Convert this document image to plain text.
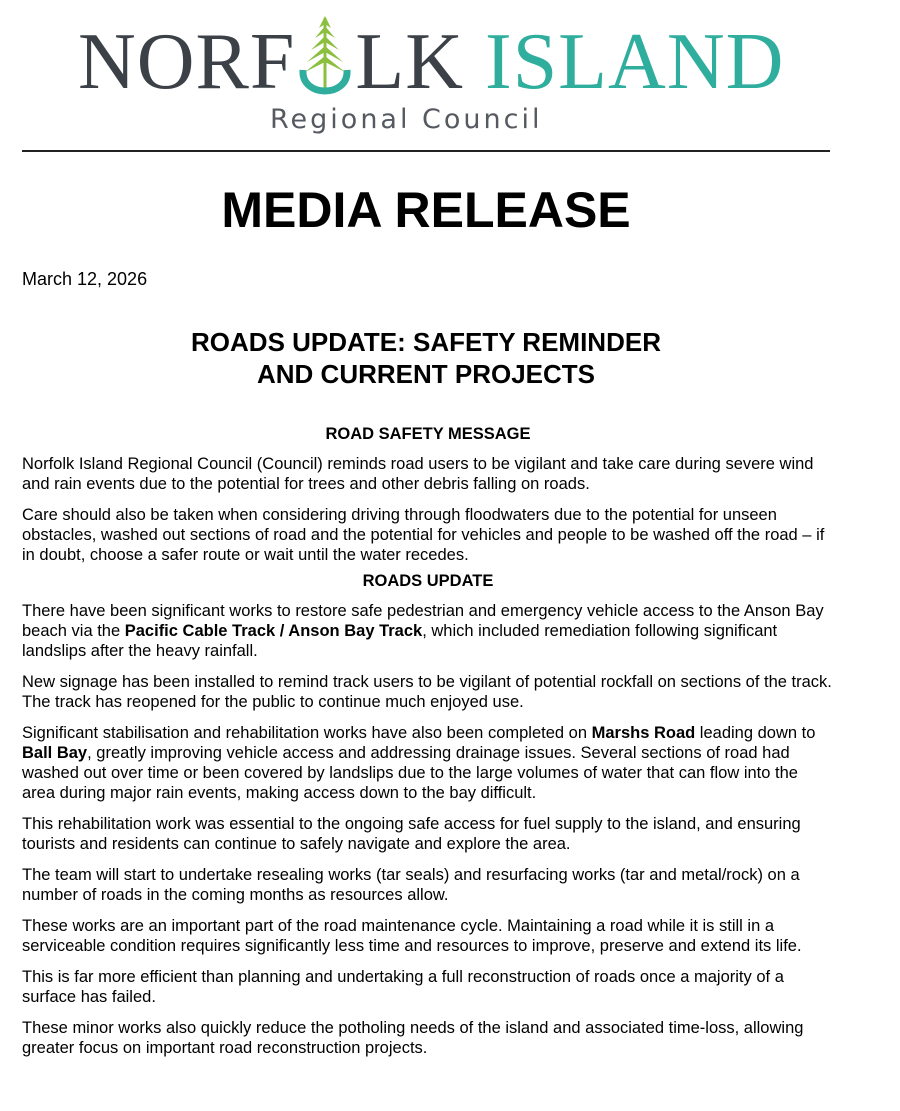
NORF LK ISLAND
Regional Council
MEDIA RELEASE
March 12, 2026
ROADS UPDATE: SAFETY REMINDER
AND CURRENT PROJECTS
ROAD SAFETY MESSAGE

Norfolk Island Regional Council (Council) reminds road users to be vigilant and take care during severe wind and rain events due to the potential for trees and other debris falling on roads.

Care should also be taken when considering driving through floodwaters due to the potential for unseen obstacles, washed out sections of road and the potential for vehicles and people to be washed off the road – if in doubt, choose a safer route or wait until the water recedes.

ROADS UPDATE

There have been significant works to restore safe pedestrian and emergency vehicle access to the Anson Bay beach via the Pacific Cable Track / Anson Bay Track, which included remediation following significant landslips after the heavy rainfall.

New signage has been installed to remind track users to be vigilant of potential rockfall on sections of the track. The track has reopened for the public to continue much enjoyed use.

Significant stabilisation and rehabilitation works have also been completed on Marshs Road leading down to Ball Bay, greatly improving vehicle access and addressing drainage issues. Several sections of road had washed out over time or been covered by landslips due to the large volumes of water that can flow into the area during major rain events, making access down to the bay difficult.

This rehabilitation work was essential to the ongoing safe access for fuel supply to the island, and ensuring tourists and residents can continue to safely navigate and explore the area.

The team will start to undertake resealing works (tar seals) and resurfacing works (tar and metal/rock) on a number of roads in the coming months as resources allow.

These works are an important part of the road maintenance cycle. Maintaining a road while it is still in a serviceable condition requires significantly less time and resources to improve, preserve and extend its life.

This is far more efficient than planning and undertaking a full reconstruction of roads once a majority of a surface has failed.

These minor works also quickly reduce the potholing needs of the island and associated time-loss, allowing greater focus on important road reconstruction projects.
